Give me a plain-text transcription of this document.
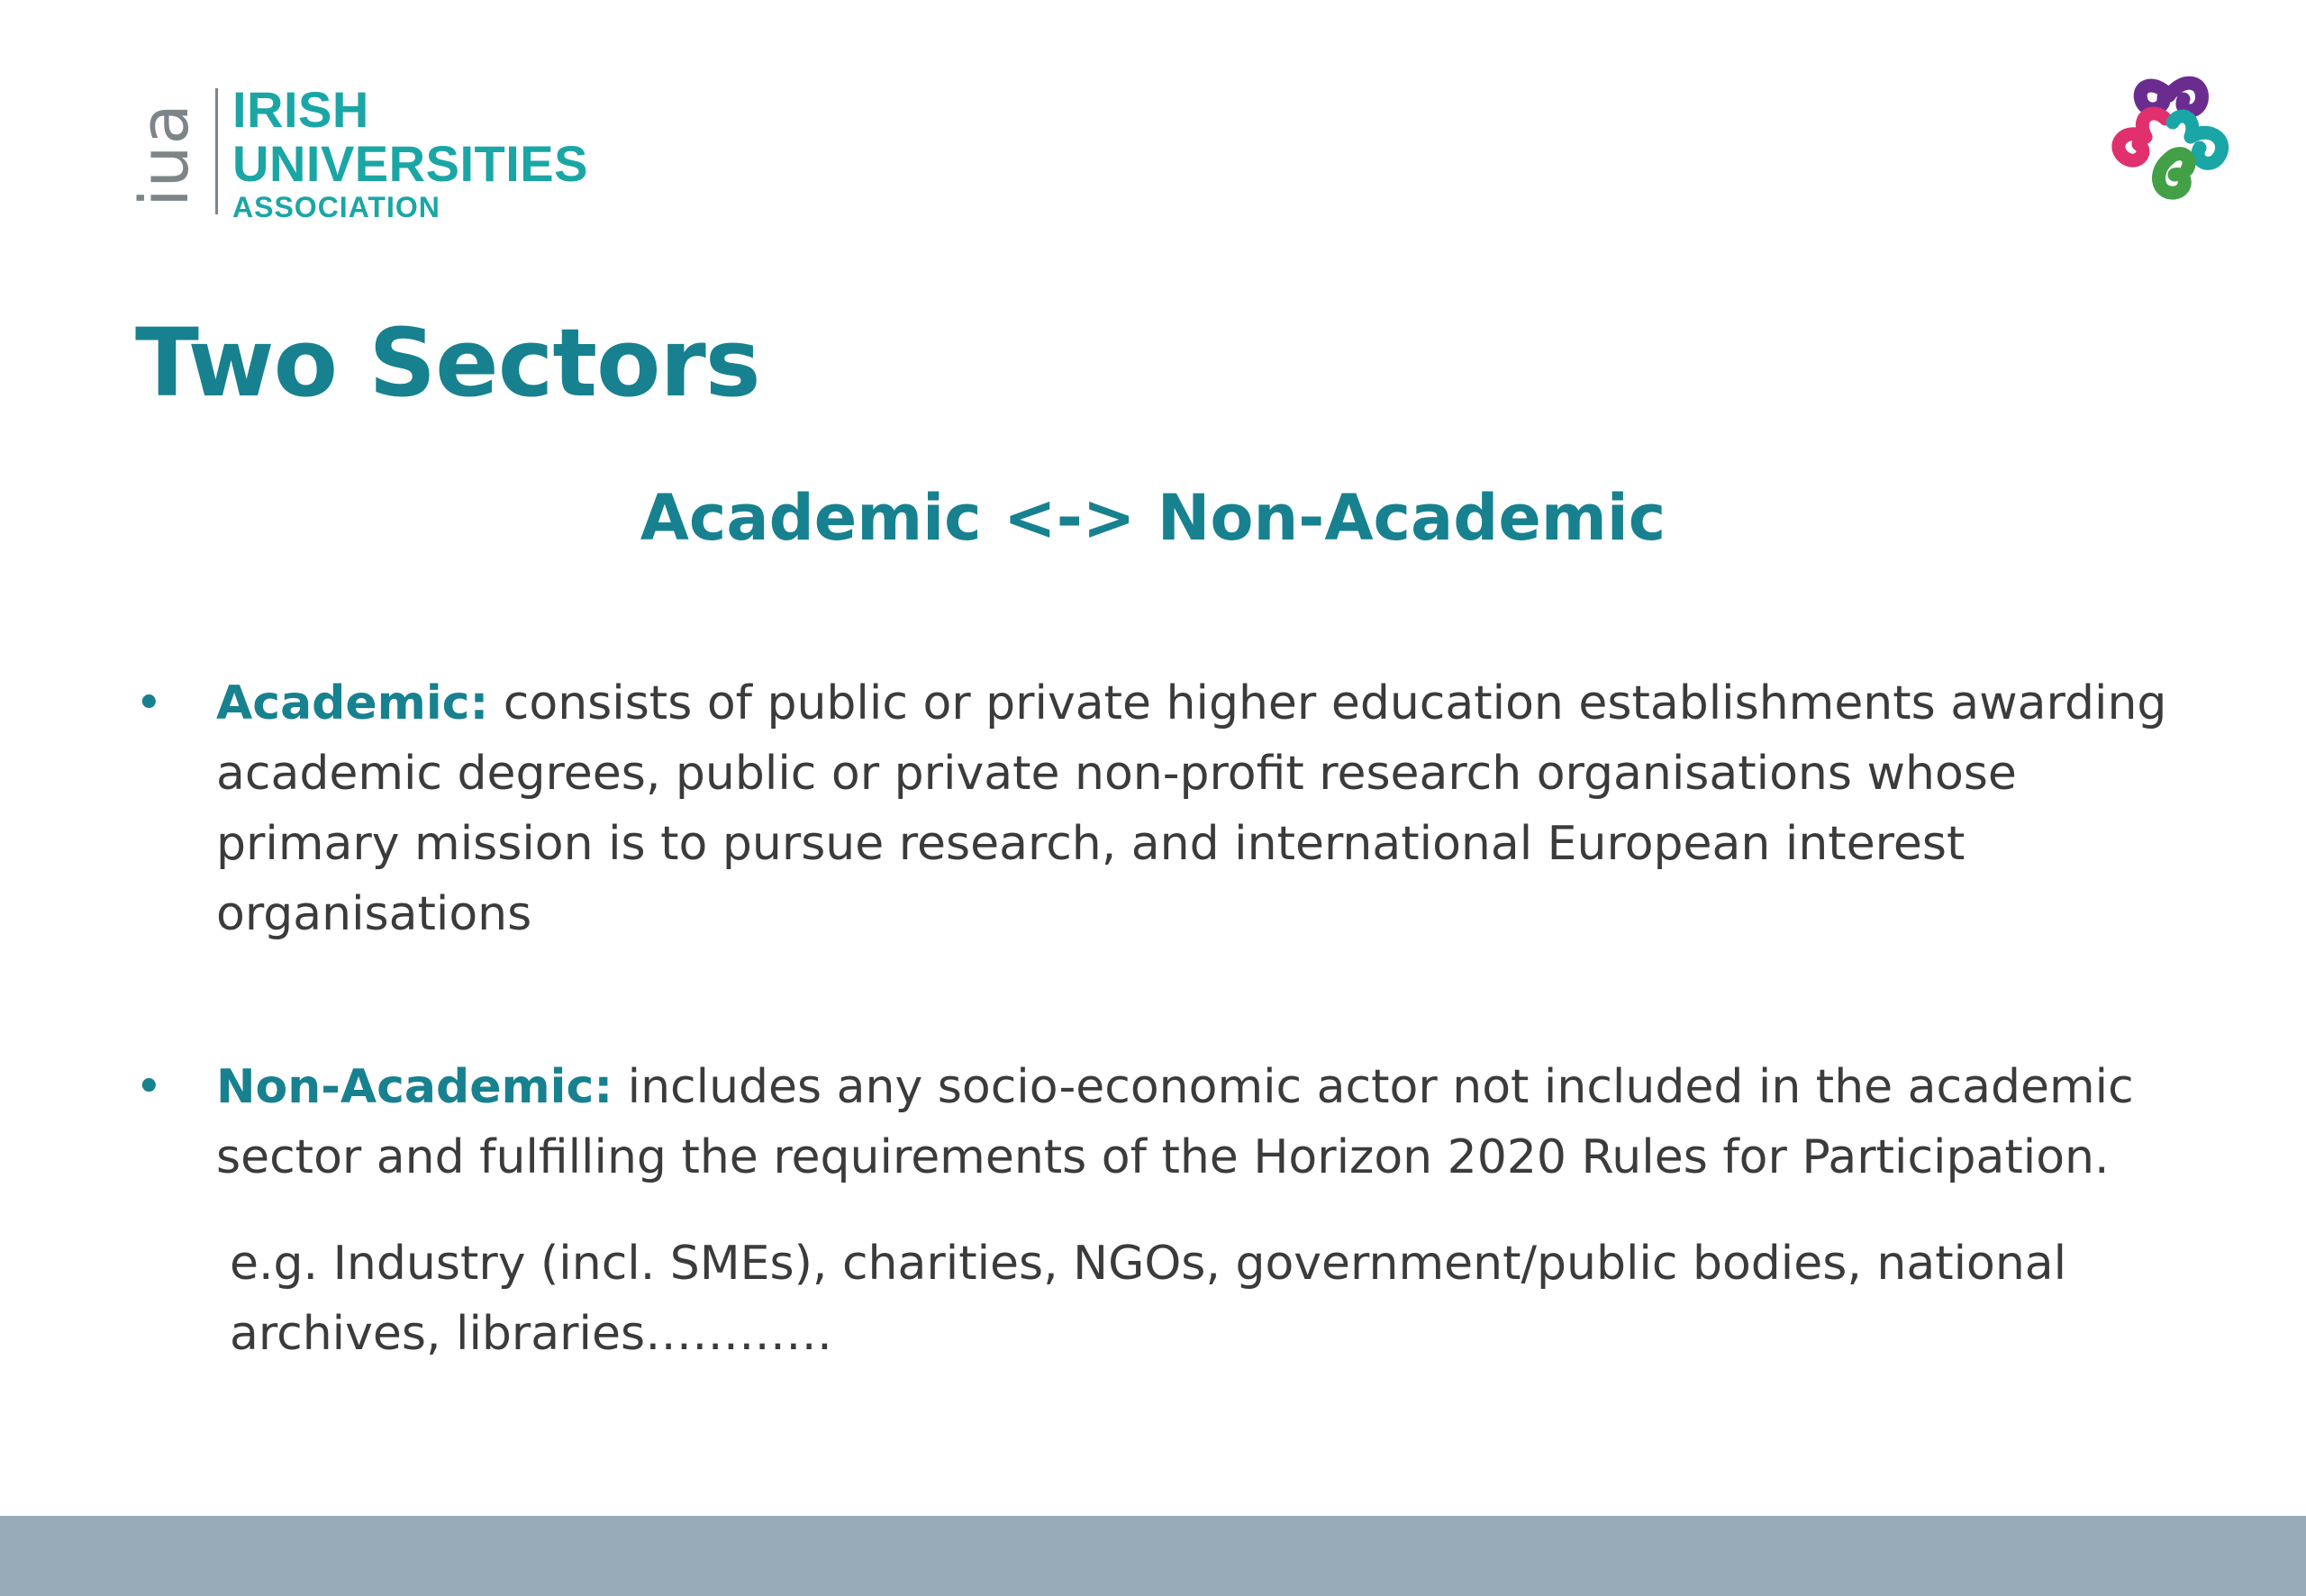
iua IRISH
UNIVERSITIES
ASSOCIATION
Two Sectors
Academic <-> Non-Academic
• Academic: consists of public or private higher education establishments awarding academic degrees, public or private non-profit research organisations whose primary mission is to pursue research, and international European interest organisations
• Non-Academic: includes any socio-economic actor not included in the academic sector and fulfilling the requirements of the Horizon 2020 Rules for Participation.
e.g. Industry (incl. SMEs), charities, NGOs, government/public bodies, national archives, libraries…………
